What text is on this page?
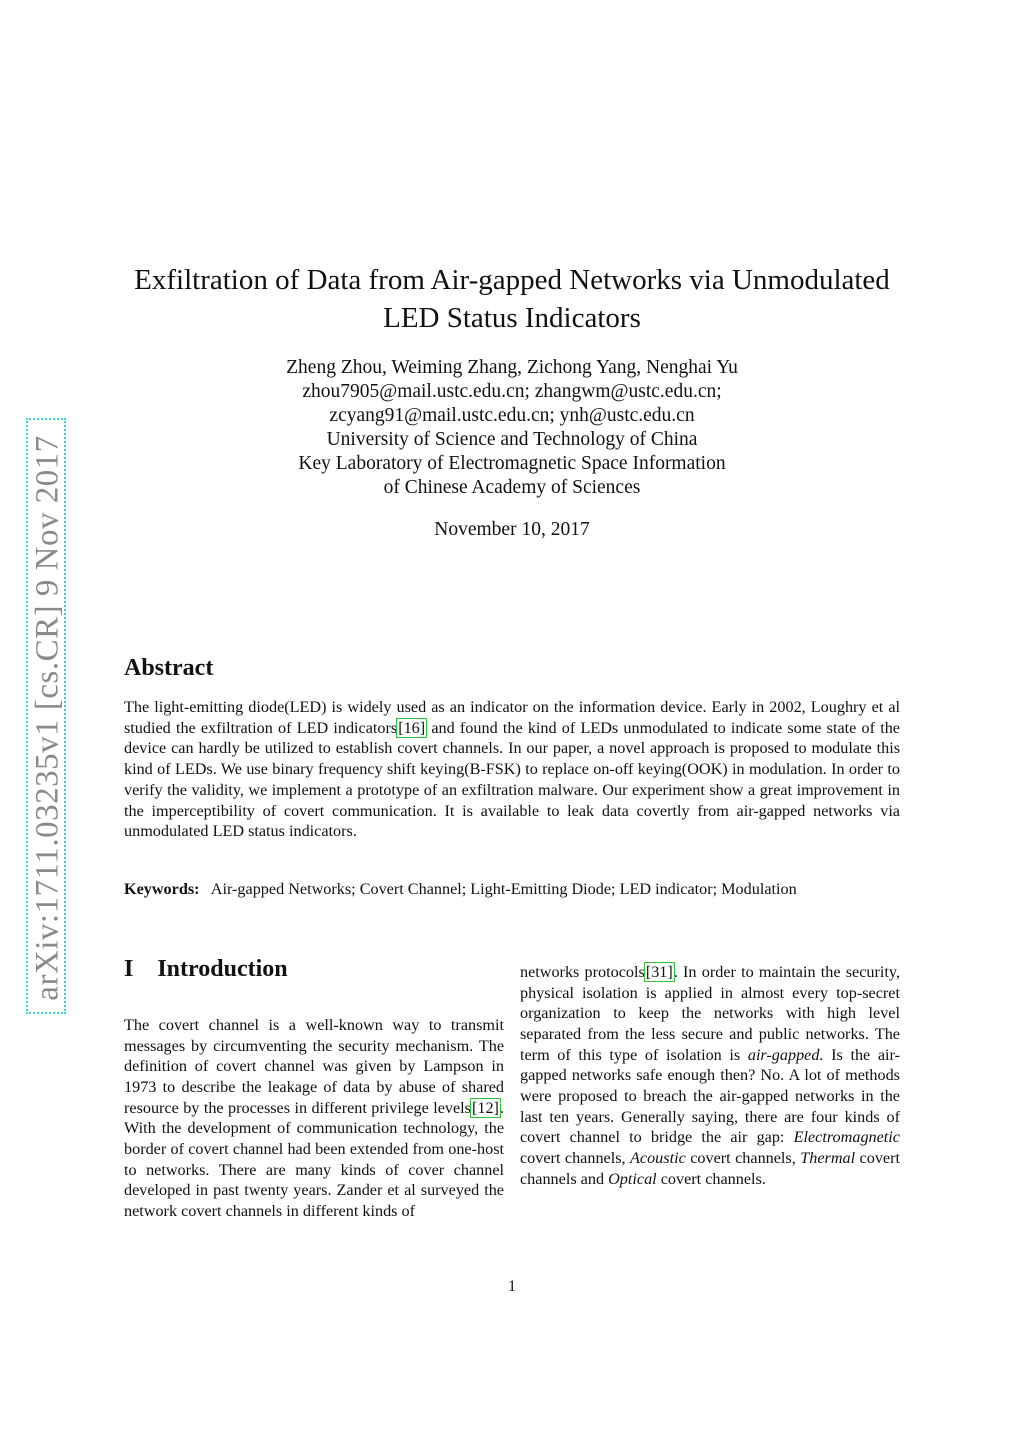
arXiv:1711.03235v1 [cs.CR] 9 Nov 2017
Exfiltration of Data from Air-gapped Networks via Unmodulated
LED Status Indicators
Zheng Zhou, Weiming Zhang, Zichong Yang, Nenghai Yu
zhou7905@mail.ustc.edu.cn; zhangwm@ustc.edu.cn;
zcyang91@mail.ustc.edu.cn; ynh@ustc.edu.cn
University of Science and Technology of China
Key Laboratory of Electromagnetic Space Information
of Chinese Academy of Sciences
November 10, 2017
Abstract
The light-emitting diode(LED) is widely used as an indicator on the information device. Early in 2002, Loughry et al studied the exfiltration of LED indicators[16] and found the kind of LEDs unmodulated to indicate some state of the device can hardly be utilized to establish covert channels. In our paper, a novel approach is proposed to modulate this kind of LEDs. We use binary frequency shift keying(B-FSK) to replace on-off keying(OOK) in modulation. In order to verify the validity, we implement a prototype of an exfiltration malware. Our experiment show a great improvement in the imperceptibility of covert communication. It is available to leak data covertly from air-gapped networks via unmodulated LED status indicators.
Keywords: Air-gapped Networks; Covert Channel; Light-Emitting Diode; LED indicator; Modulation
I Introduction
The covert channel is a well-known way to transmit messages by circumventing the security mechanism. The definition of covert channel was given by Lampson in 1973 to describe the leakage of data by abuse of shared resource by the processes in different privilege levels[12]. With the development of communication technology, the border of covert channel had been extended from one-host to networks. There are many kinds of cover channel developed in past twenty years. Zander et al surveyed the network covert channels in different kinds of
networks protocols[31]. In order to maintain the security, physical isolation is applied in almost every top-secret organization to keep the networks with high level separated from the less secure and public networks. The term of this type of isolation is air-gapped. Is the air-gapped networks safe enough then? No. A lot of methods were proposed to breach the air-gapped networks in the last ten years. Generally saying, there are four kinds of covert channel to bridge the air gap: Electromagnetic covert channels, Acoustic covert channels, Thermal covert channels and Optical covert channels.
1
